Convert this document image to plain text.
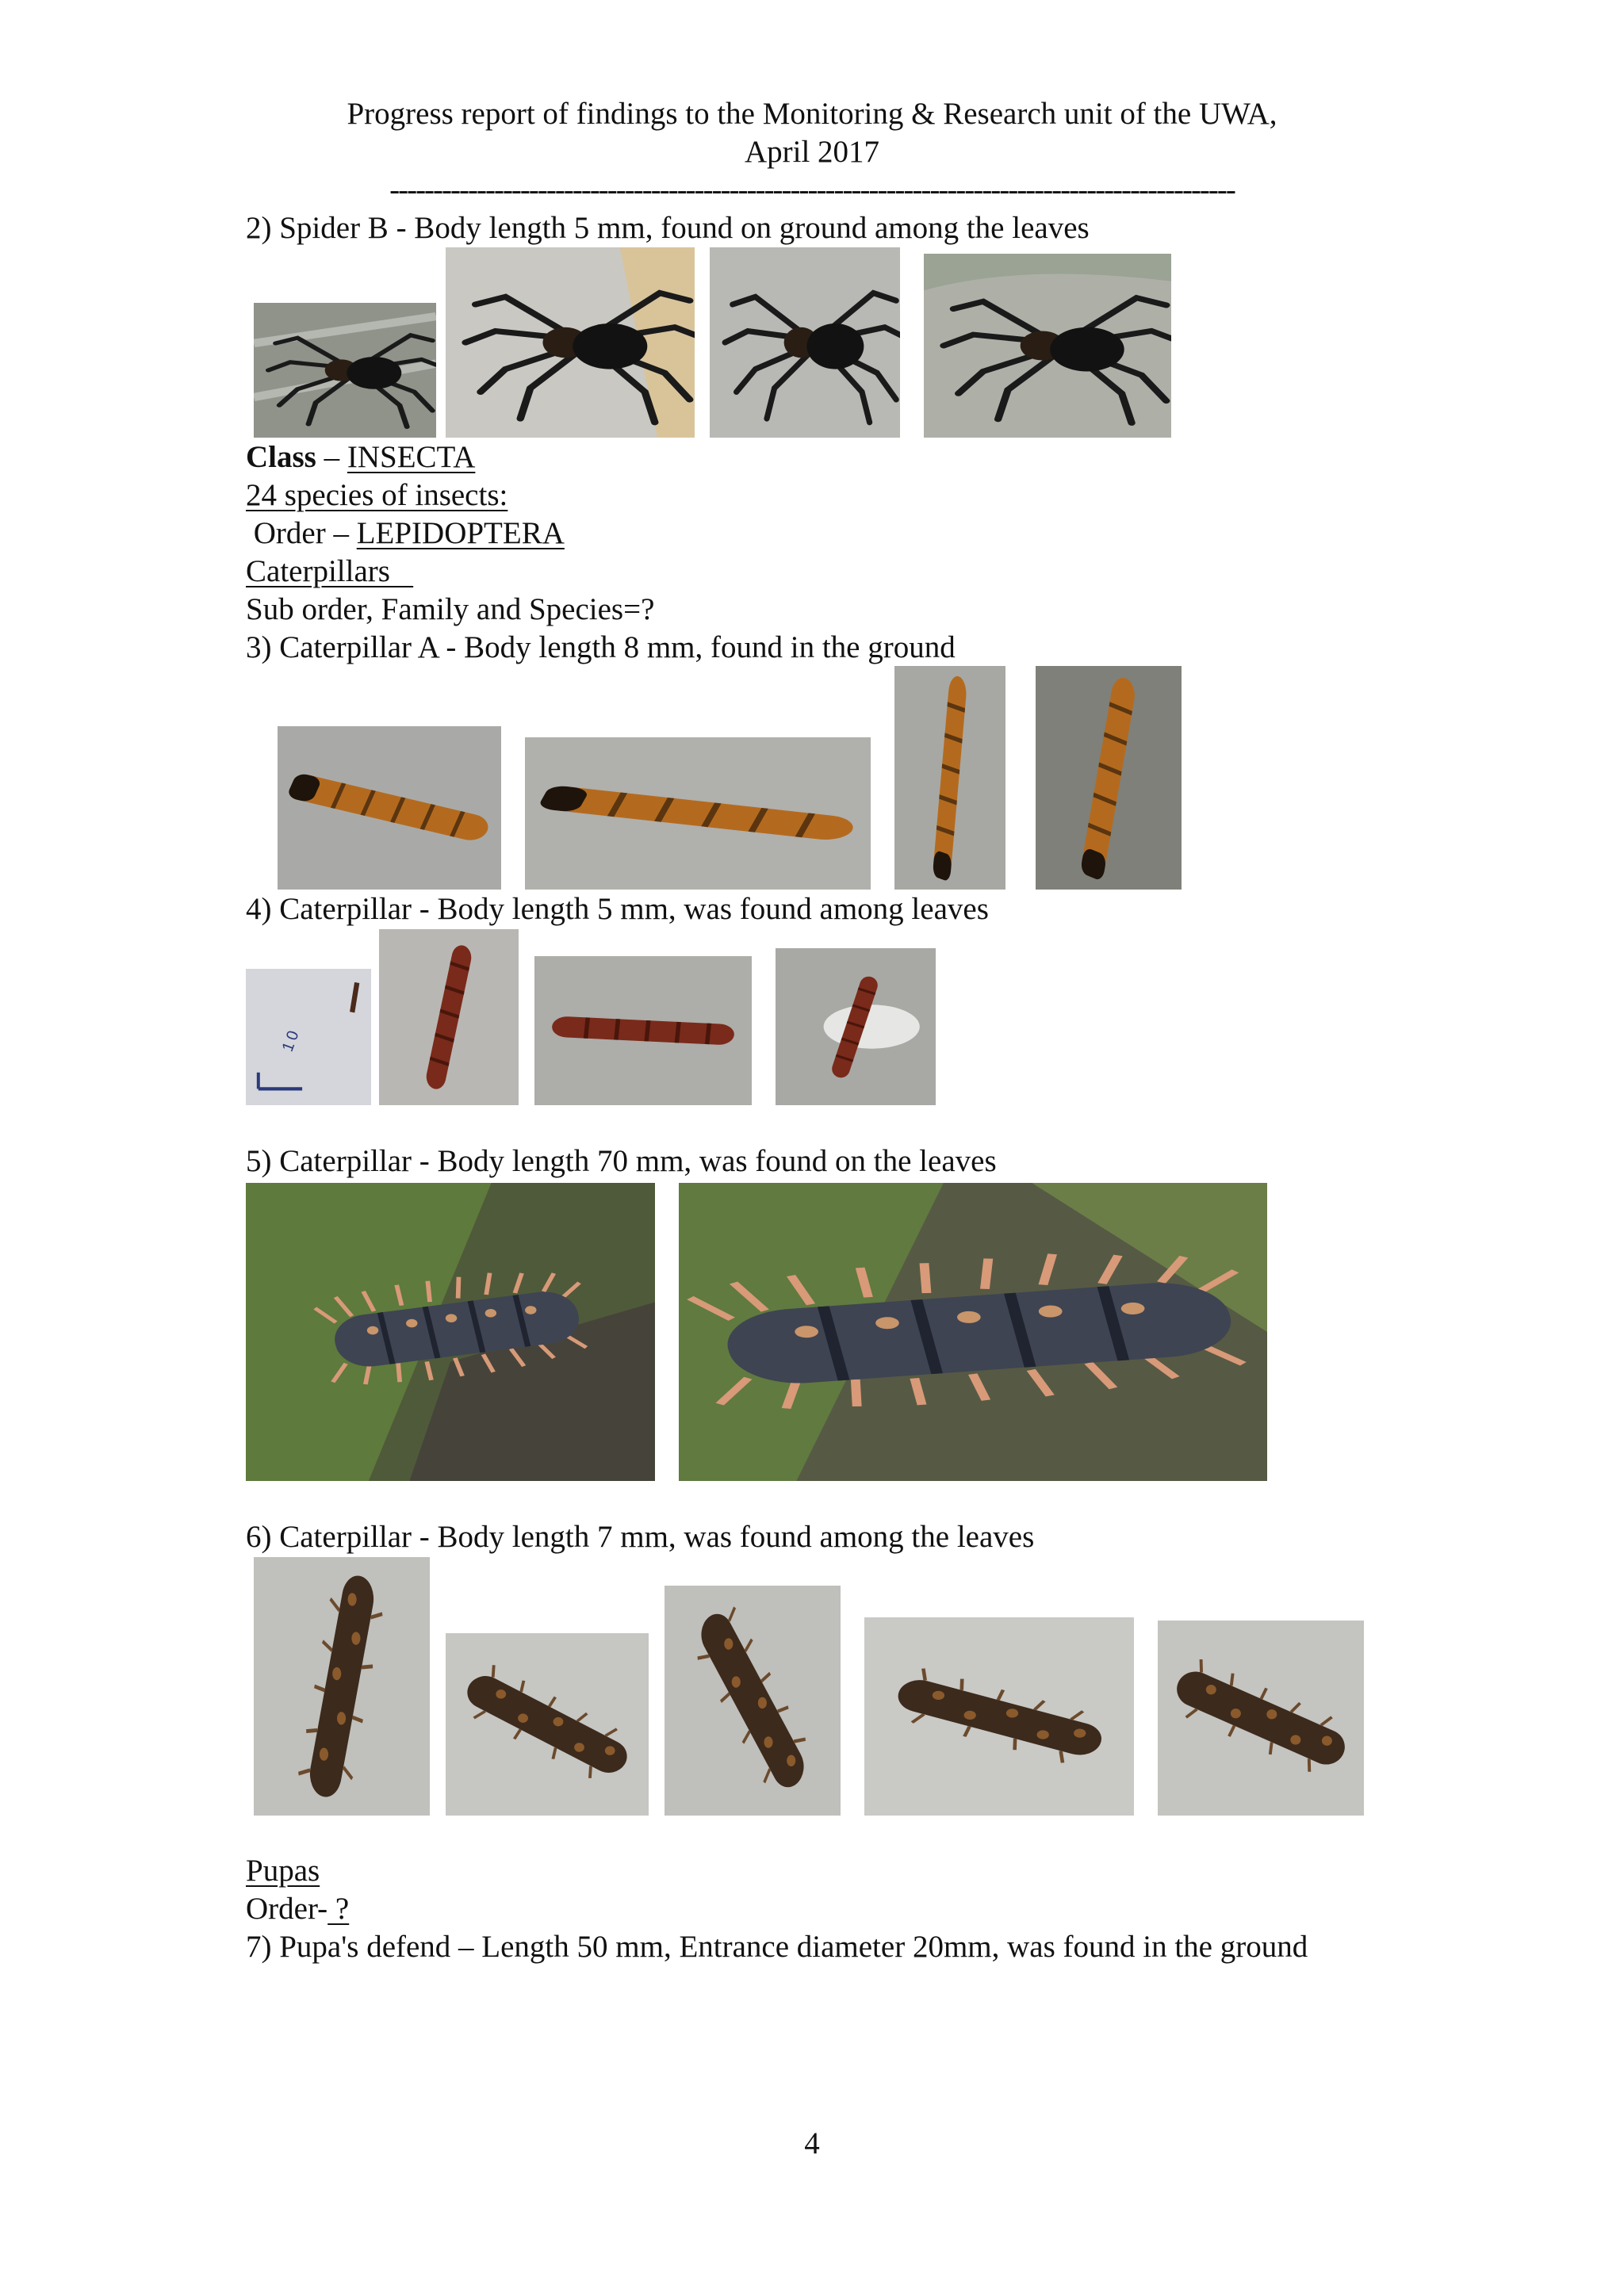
Progress report of findings to the Monitoring & Research unit of the UWA,
April 2017
-------------------------------------------------------------------------------------------------
2) Spider B - Body length 5 mm, found on ground among the leaves
Class – INSECTA
24 species of insects:
Order – LEPIDOPTERA
Caterpillars
Sub order, Family and Species=?
3) Caterpillar A - Body length 8 mm, found in the ground
4) Caterpillar - Body length 5 mm, was found among leaves
1 0
5) Caterpillar - Body length 70 mm, was found on the leaves
6) Caterpillar - Body length 7 mm, was found among the leaves
Pupas
Order- ?
7) Pupa's defend – Length 50 mm, Entrance diameter 20mm, was found in the ground
4
